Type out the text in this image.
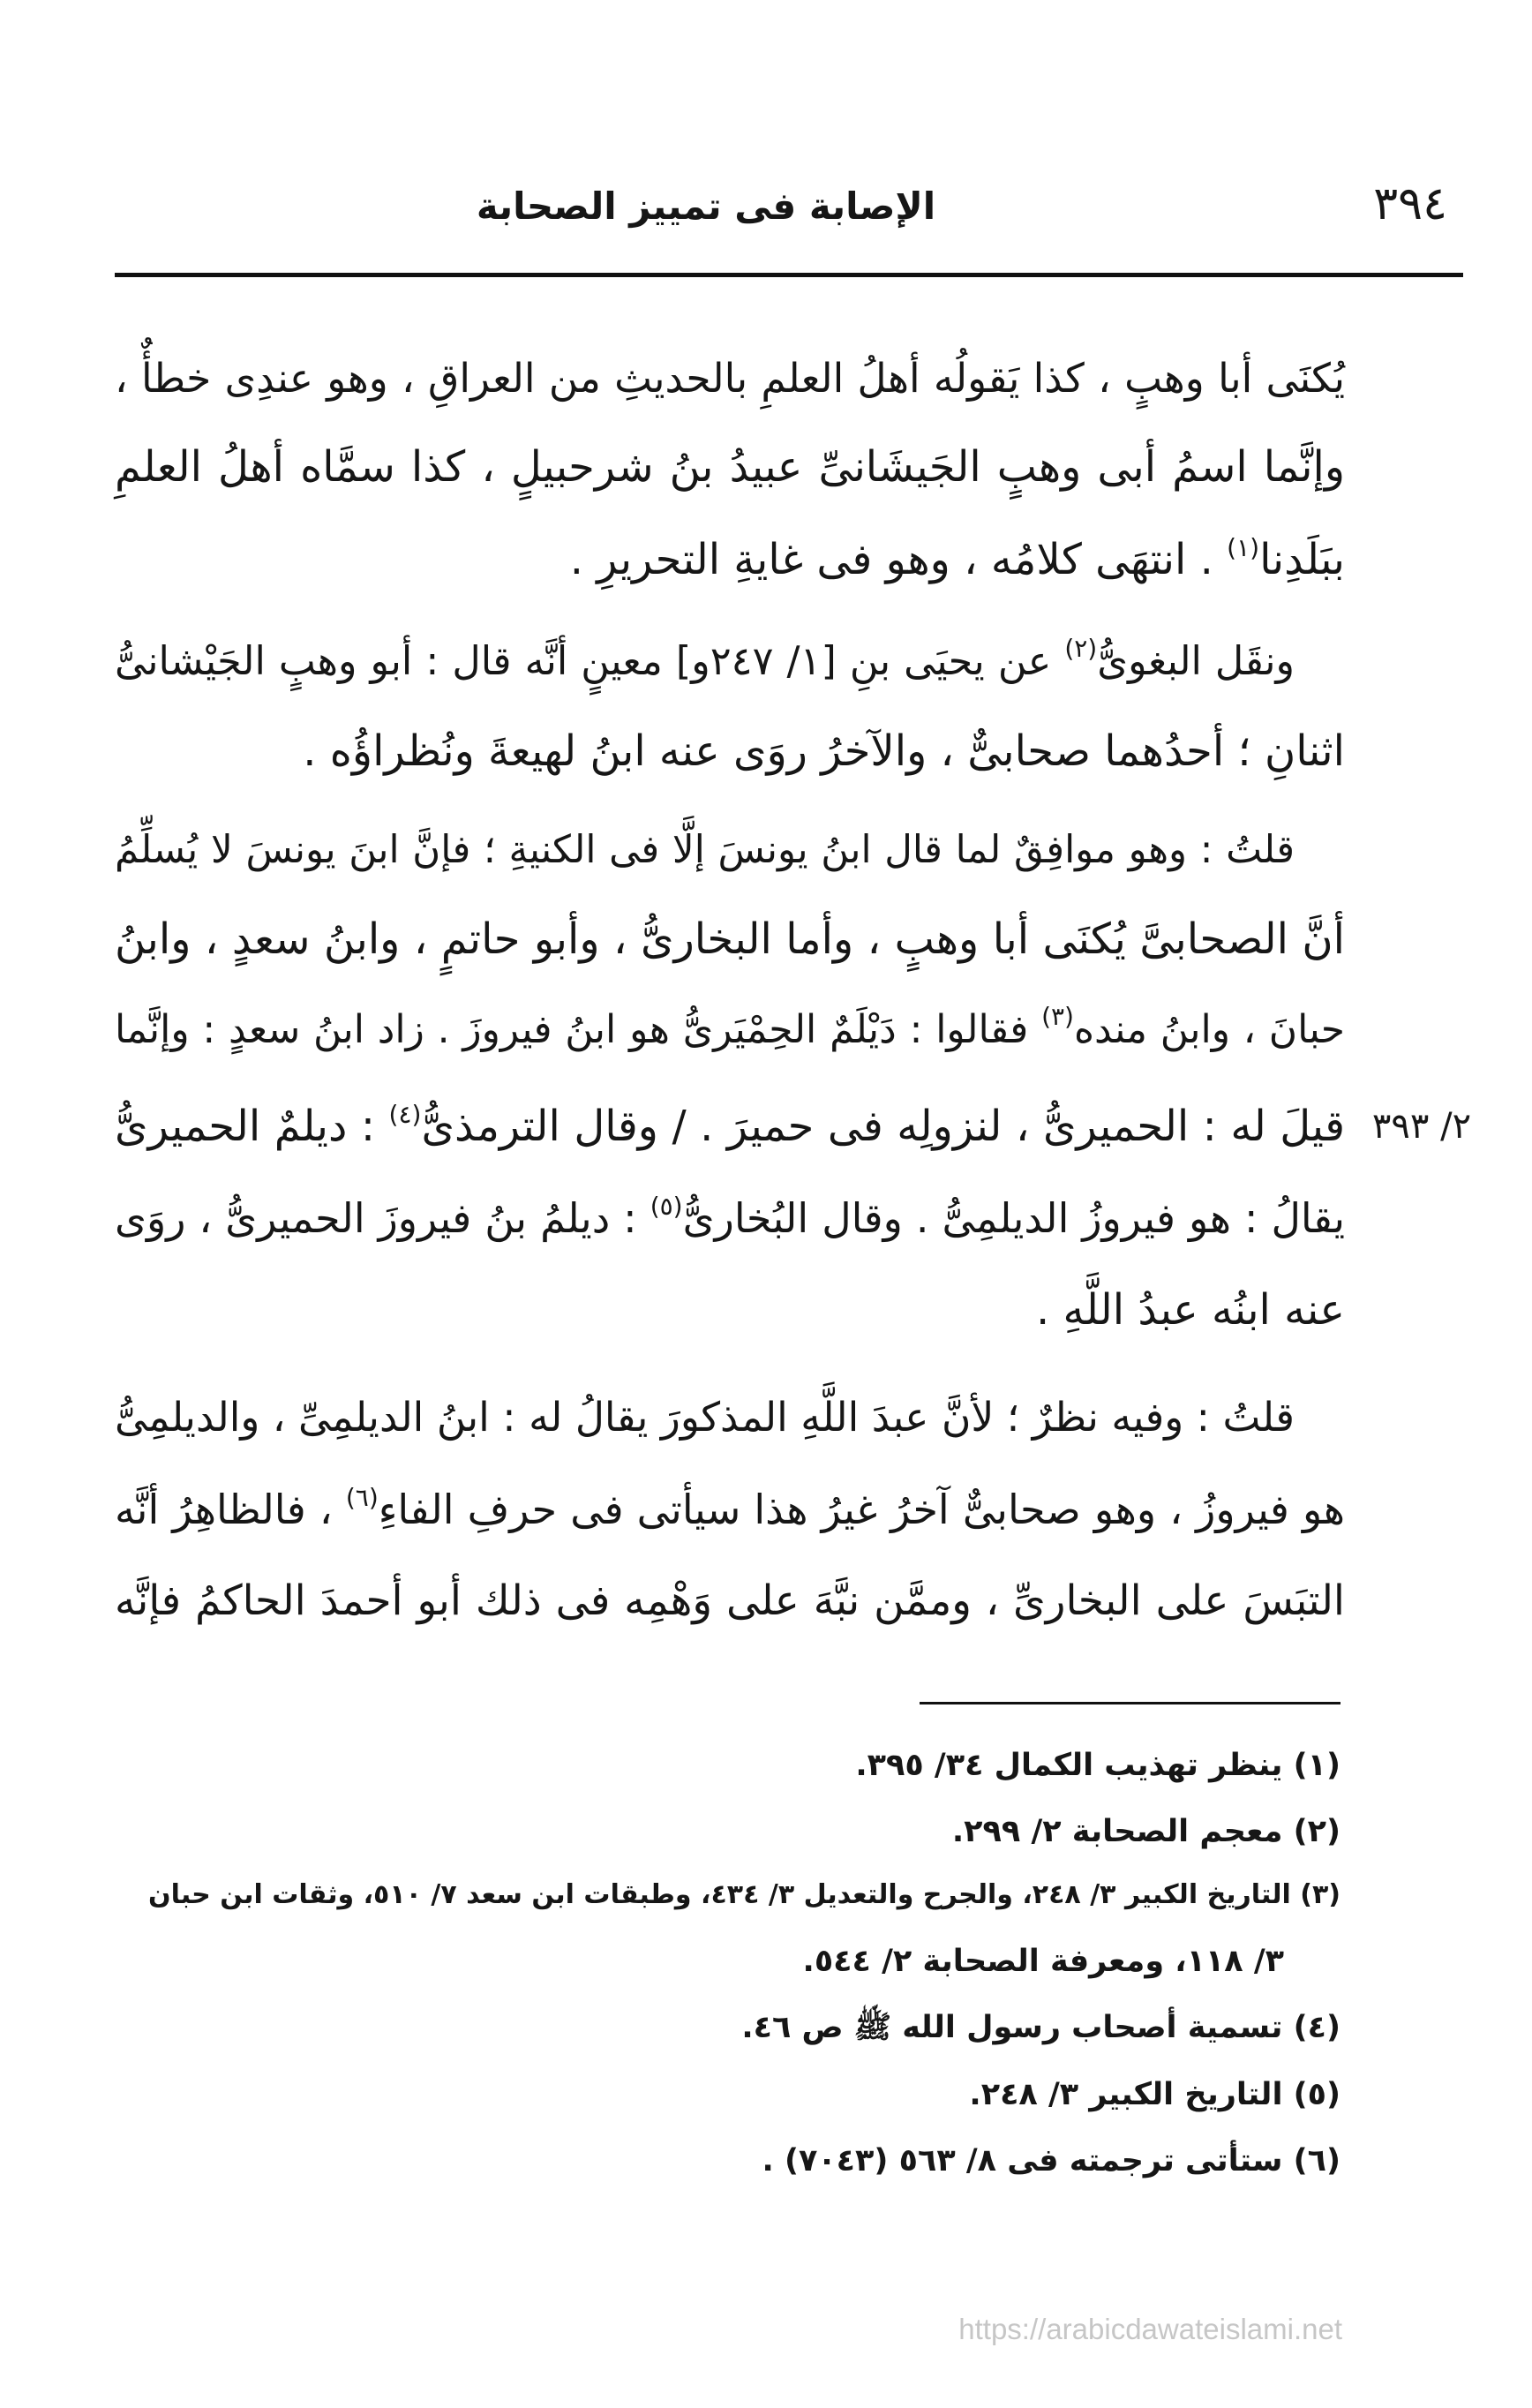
٣٩٤
الإصابة فى تمييز الصحابة
يُكنَى أبا وهبٍ ، كذا يَقولُه أهلُ العلمِ بالحديثِ من العراقِ ، وهو عندِى خطأٌ ،
وإنَّما اسمُ أبى وهبٍ الجَيشَانىِّ عبيدُ بنُ شرحبيلٍ ، كذا سمَّاه أهلُ العلمِ
ببَلَدِنا$^{(١)}$ . انتهَى كلامُه ، وهو فى غايةِ التحريرِ .
ونقَل البغوىُّ$^{(٢)}$ عن يحيَى بنِ [١/ ٢٤٧و] معينٍ أنَّه قال : أبو وهبٍ الجَيْشانىُّ
اثنانِ ؛ أحدُهما صحابىٌّ ، والآخرُ روَى عنه ابنُ لهيعةَ ونُظراؤُه .
قلتُ : وهو موافِقٌ لما قال ابنُ يونسَ إلَّا فى الكنيةِ ؛ فإنَّ ابنَ يونسَ لا يُسلِّمُ
أنَّ الصحابىَّ يُكنَى أبا وهبٍ ، وأما البخارىُّ ، وأبو حاتمٍ ، وابنُ سعدٍ ، وابنُ
حبانَ ، وابنُ منده$^{(٣)}$ فقالوا : دَيْلَمٌ الحِمْيَرىُّ هو ابنُ فيروزَ . زاد ابنُ سعدٍ : وإنَّما
قيلَ له : الحميرىُّ ، لنزولِه فى حميرَ . / وقال الترمذىُّ$^{(٤)}$ : ديلمٌ الحميرىُّ
يقالُ : هو فيروزُ الديلمِىُّ . وقال البُخارىُّ$^{(٥)}$ : ديلمُ بنُ فيروزَ الحميرىُّ ، روَى
عنه ابنُه عبدُ اللَّهِ .
قلتُ : وفيه نظرٌ ؛ لأنَّ عبدَ اللَّهِ المذكورَ يقالُ له : ابنُ الديلمِىِّ ، والديلمِىُّ
هو فيروزُ ، وهو صحابىٌّ آخرُ غيرُ هذا سيأتى فى حرفِ الفاءِ$^{(٦)}$ ، فالظاهِرُ أنَّه
التبَسَ على البخارىِّ ، وممَّن نبَّهَ على وَهْمِه فى ذلك أبو أحمدَ الحاكمُ فإنَّه
٢/ ٣٩٣
(١) ينظر تهذيب الكمال ٣٤/ ٣٩٥.
(٢) معجم الصحابة ٢/ ٢٩٩.
(٣) التاريخ الكبير ٣/ ٢٤٨، والجرح والتعديل ٣/ ٤٣٤، وطبقات ابن سعد ٧/ ٥١٠، وثقات ابن حبان
٣/ ١١٨، ومعرفة الصحابة ٢/ ٥٤٤.
(٤) تسمية أصحاب رسول الله ﷺ ص ٤٦.
(٥) التاريخ الكبير ٣/ ٢٤٨.
(٦) ستأتى ترجمته فى ٨/ ٥٦٣ (٧٠٤٣) .
https://arabicdawateislami.net
